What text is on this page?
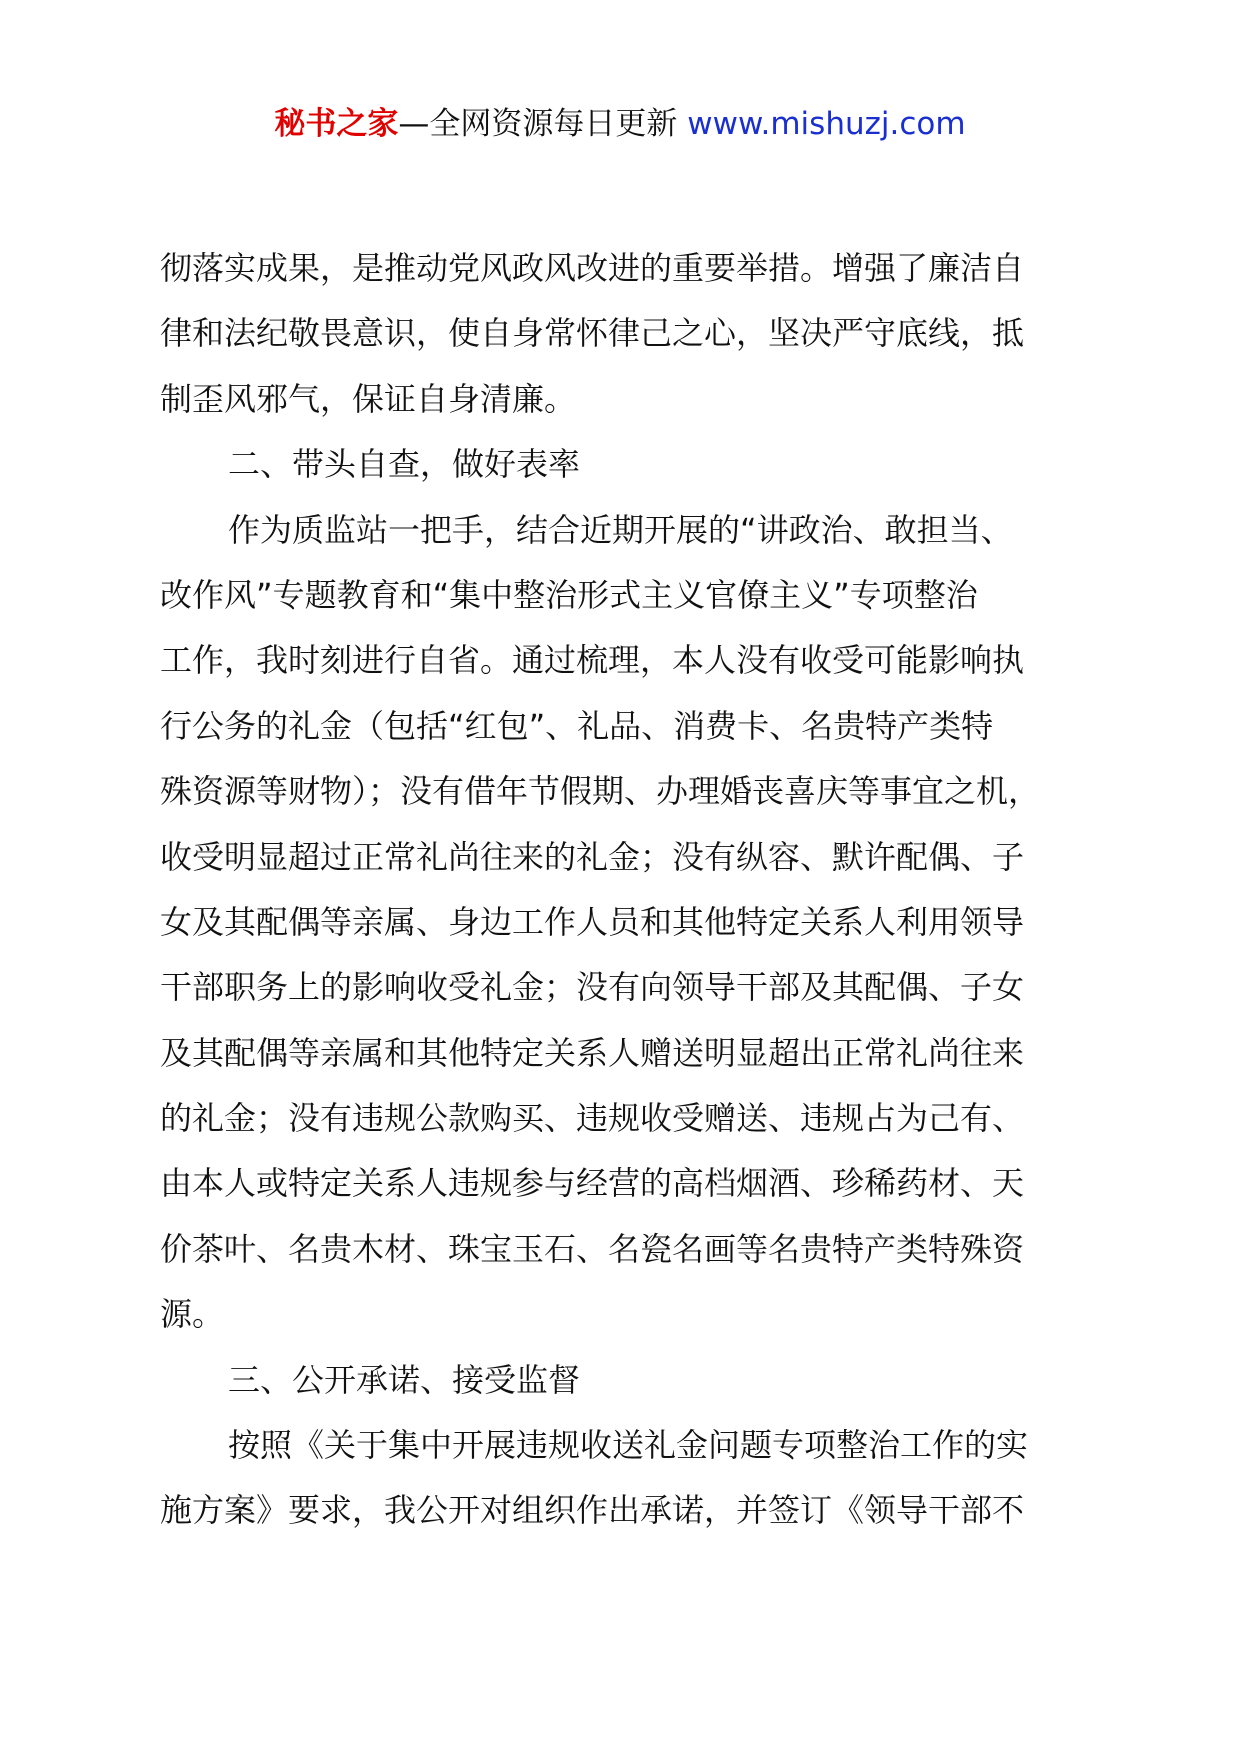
秘书之家—全网资源每日更新 www.mishuzj.com
彻落实成果，是推动党风政风改进的重要举措。增强了廉洁自
律和法纪敬畏意识，使自身常怀律己之心，坚决严守底线，抵
制歪风邪气，保证自身清廉。
二、带头自查，做好表率
作为质监站一把手，结合近期开展的“讲政治、敢担当、
改作风”专题教育和“集中整治形式主义官僚主义”专项整治
工作，我时刻进行自省。通过梳理，本人没有收受可能影响执
行公务的礼金（包括“红包”、礼品、消费卡、名贵特产类特
殊资源等财物）；没有借年节假期、办理婚丧喜庆等事宜之机，
收受明显超过正常礼尚往来的礼金；没有纵容、默许配偶、子
女及其配偶等亲属、身边工作人员和其他特定关系人利用领导
干部职务上的影响收受礼金；没有向领导干部及其配偶、子女
及其配偶等亲属和其他特定关系人赠送明显超出正常礼尚往来
的礼金；没有违规公款购买、违规收受赠送、违规占为己有、
由本人或特定关系人违规参与经营的高档烟酒、珍稀药材、天
价茶叶、名贵木材、珠宝玉石、名瓷名画等名贵特产类特殊资
源。
三、公开承诺、接受监督
按照《关于集中开展违规收送礼金问题专项整治工作的实
施方案》要求，我公开对组织作出承诺，并签订《领导干部不
